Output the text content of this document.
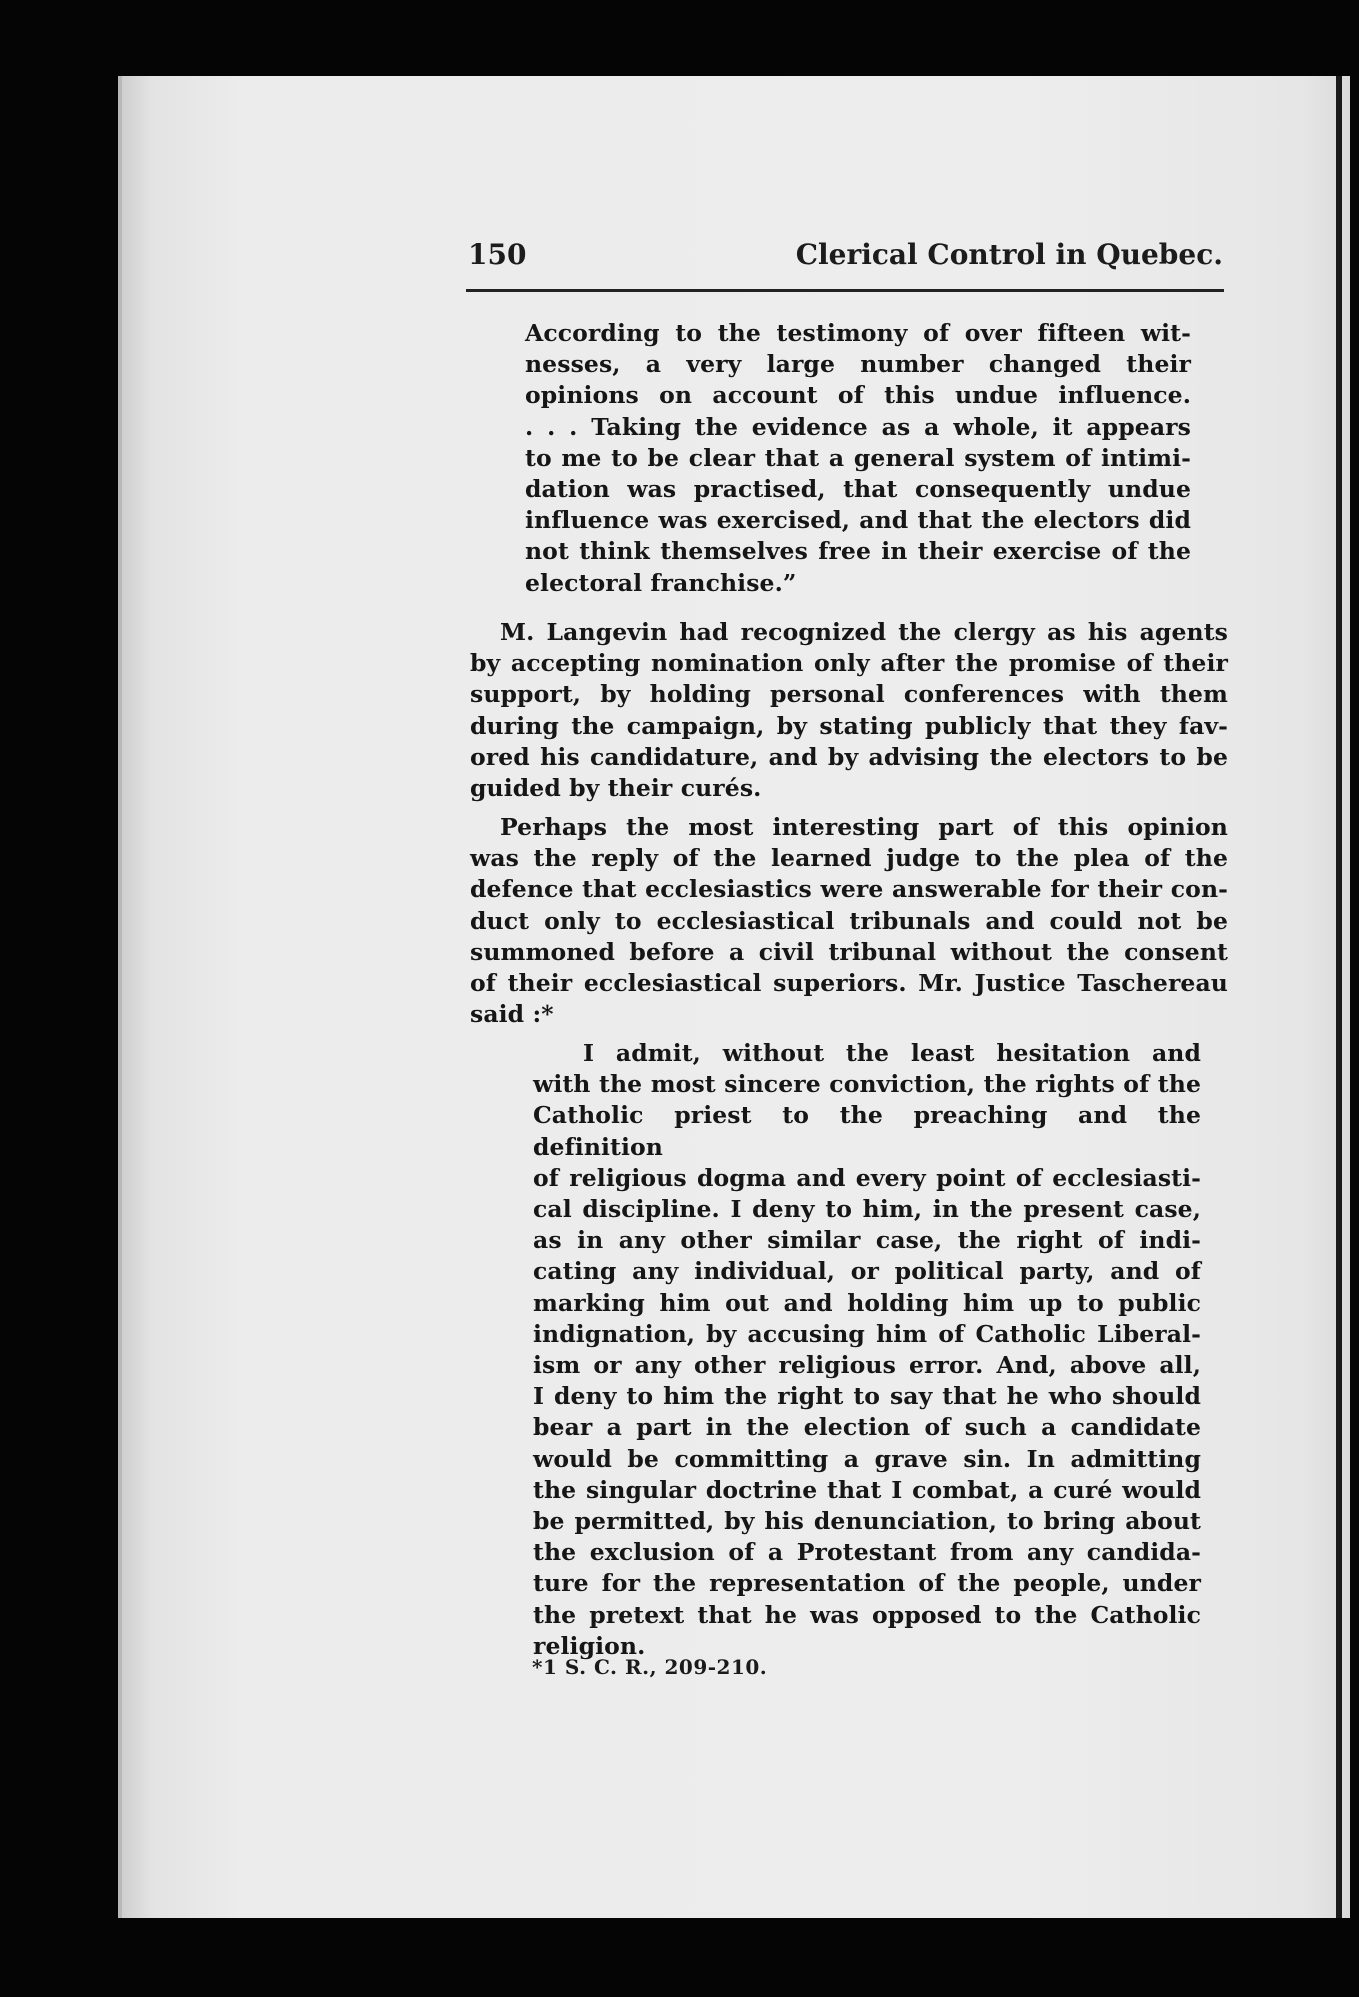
150	Clerical Control in Quebec.
According to the testimony of over fifteen wit-
nesses, a very large number changed their
opinions on account of this undue influence.
. . . Taking the evidence as a whole, it appears
to me to be clear that a general system of intimi-
dation was practised, that consequently undue
influence was exercised, and that the electors did
not think themselves free in their exercise of the
electoral franchise.”
M. Langevin had recognized the clergy as his agents
by accepting nomination only after the promise of their
support, by holding personal conferences with them
during the campaign, by stating publicly that they fav-
ored his candidature, and by advising the electors to be
guided by their curés.
Perhaps the most interesting part of this opinion
was the reply of the learned judge to the plea of the
defence that ecclesiastics were answerable for their con-
duct only to ecclesiastical tribunals and could not be
summoned before a civil tribunal without the consent
of their ecclesiastical superiors. Mr. Justice Taschereau
said :*
I admit, without the least hesitation and
with the most sincere conviction, the rights of the
Catholic priest to the preaching and the definition
of religious dogma and every point of ecclesiasti-
cal discipline. I deny to him, in the present case,
as in any other similar case, the right of indi-
cating any individual, or political party, and of
marking him out and holding him up to public
indignation, by accusing him of Catholic Liberal-
ism or any other religious error. And, above all,
I deny to him the right to say that he who should
bear a part in the election of such a candidate
would be committing a grave sin. In admitting
the singular doctrine that I combat, a curé would
be permitted, by his denunciation, to bring about
the exclusion of a Protestant from any candida-
ture for the representation of the people, under
the pretext that he was opposed to the Catholic
religion.
*1 S. C. R., 209-210.
